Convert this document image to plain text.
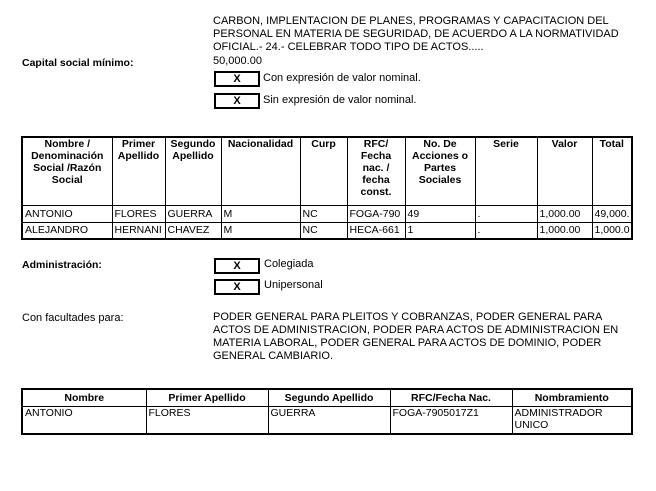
CARBON, IMPLENTACION DE PLANES, PROGRAMAS Y CAPACITACION DEL PERSONAL EN MATERIA DE SEGURIDAD, DE ACUERDO A LA NORMATIVIDAD OFICIAL.- 24.- CELEBRAR TODO TIPO DE ACTOS.....
Capital social mínimo:	50,000.00
X	Con expresión de valor nominal.
X	Sin expresión de valor nominal.
Nombre / Denominación Social /Razón Social	Primer Apellido	Segundo Apellido	Nacionalidad	Curp	RFC/ Fecha nac. / fecha const.	No. De Acciones o Partes Sociales	Serie	Valor	Total
ANTONIO	FLORES	GUERRA	M	NC	FOGA-790	49	.	1,000.00	49,000.
ALEJANDRO	HERNANI	CHAVEZ	M	NC	HECA-661	1	.	1,000.00	1,000.0
Administración:	X	Colegiada
X	Unipersonal
Con facultades para:	PODER GENERAL PARA PLEITOS Y COBRANZAS, PODER GENERAL PARA ACTOS DE ADMINISTRACION, PODER PARA ACTOS DE ADMINISTRACION EN MATERIA LABORAL, PODER GENERAL PARA ACTOS DE DOMINIO, PODER GENERAL CAMBIARIO.
Nombre	Primer Apellido	Segundo Apellido	RFC/Fecha Nac.	Nombramiento
ANTONIO	FLORES	GUERRA	FOGA-7905017Z1	ADMINISTRADOR UNICO
